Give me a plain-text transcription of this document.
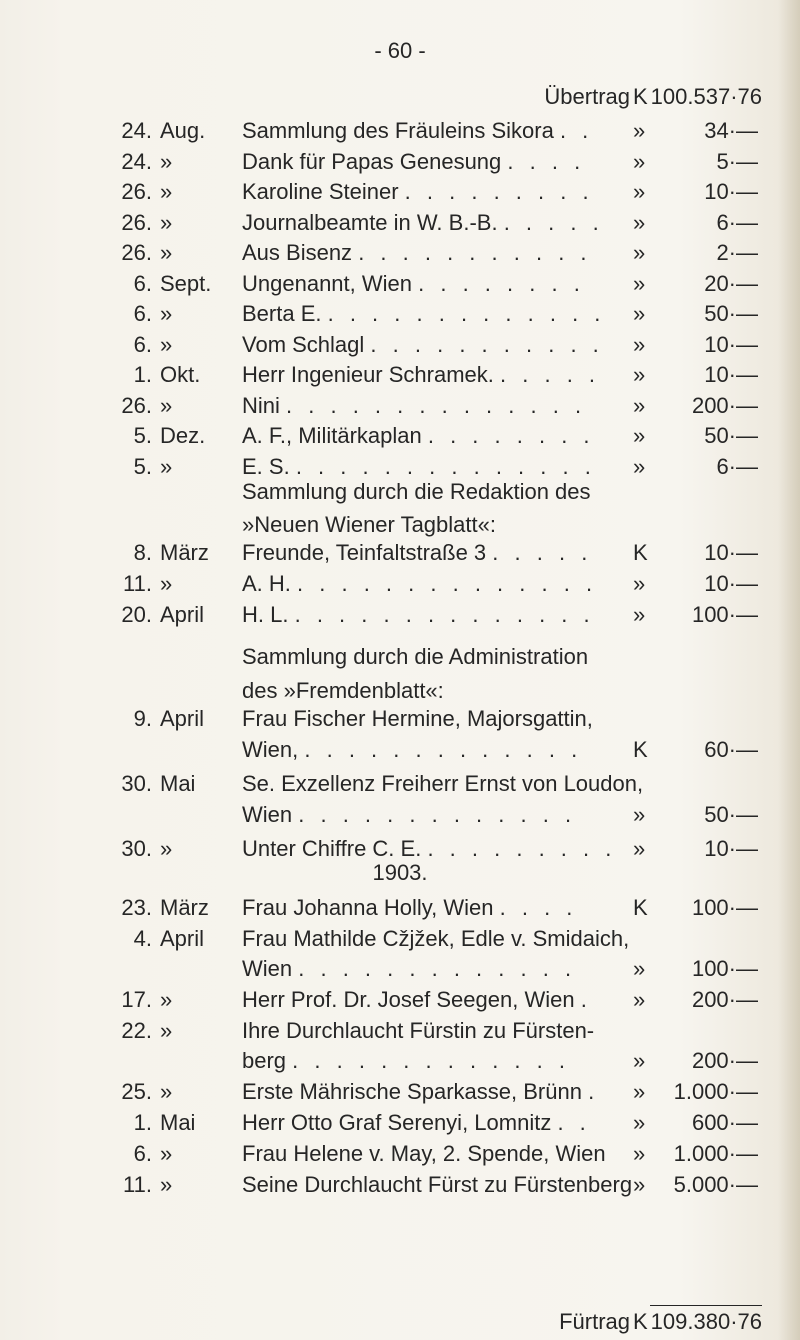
- 60 -
Übertrag K 100.537·76
24. Aug. Sammlung des Fräuleins Sikora . .	»	34·—
24. »	Dank für Papas Genesung . . . .	»	5·—
26. »	Karoline Steiner . . . . . . . . .	»	10·—
26. »	Journalbeamte in W. B.-B. . . . . .	»	6·—
26. »	Aus Bisenz . . . . . . . . . . .	»	2·—
6. Sept. Ungenannt, Wien . . . . . . . .	»	20·—
6. »	Berta E. . . . . . . . . . . . . .	»	50·—
6. »	Vom Schlagl . . . . . . . . . . .	»	10·—
1. Okt. Herr Ingenieur Schramek. . . . . .	»	10·—
26. »	Nini . . . . . . . . . . . . . .	»	200·—
5. Dez. A. F., Militärkaplan . . . . . . . .	»	50·—
5. »	E. S. . . . . . . . . . . . . . .	»	6·—
Sammlung durch die Redaktion des
»Neuen Wiener Tagblatt«:
8. März Freunde, Teinfaltstraße 3 . . . . .	K	10·—
11. »	A. H. . . . . . . . . . . . . . .	»	10·—
20. April H. L. . . . . . . . . . . . . . .	»	100·—
Sammlung durch die Administration
des »Fremdenblatt«:
9. April Frau Fischer Hermine, Majorsgattin,
Wien, . . . . . . . . . . . . .	K	60·—
30. Mai Se. Exzellenz Freiherr Ernst von Loudon,
Wien . . . . . . . . . . . . .	»	50·—
30. »	Unter Chiffre C. E. . . . . . . . . . »	10·—
1903.
23. März Frau Johanna Holly, Wien . . . .	K	100·—
4. April Frau Mathilde Cžjžek, Edle v. Smidaich,
Wien . . . . . . . . . . . . .	»	100·—
17. »	Herr Prof. Dr. Josef Seegen, Wien .	»	200·—
22. »	Ihre Durchlaucht Fürstin zu Fürsten-
berg . . . . . . . . . . . . .	»	200·—
25. »	Erste Mährische Sparkasse, Brünn .	»	1.000·—
1. Mai Herr Otto Graf Serenyi, Lomnitz . .	»	600·—
6. »	Frau Helene v. May, 2. Spende, Wien	»	1.000·—
11. »	Seine Durchlaucht Fürst zu Fürstenberg »	5.000·—
Fürtrag K 109.380·76
